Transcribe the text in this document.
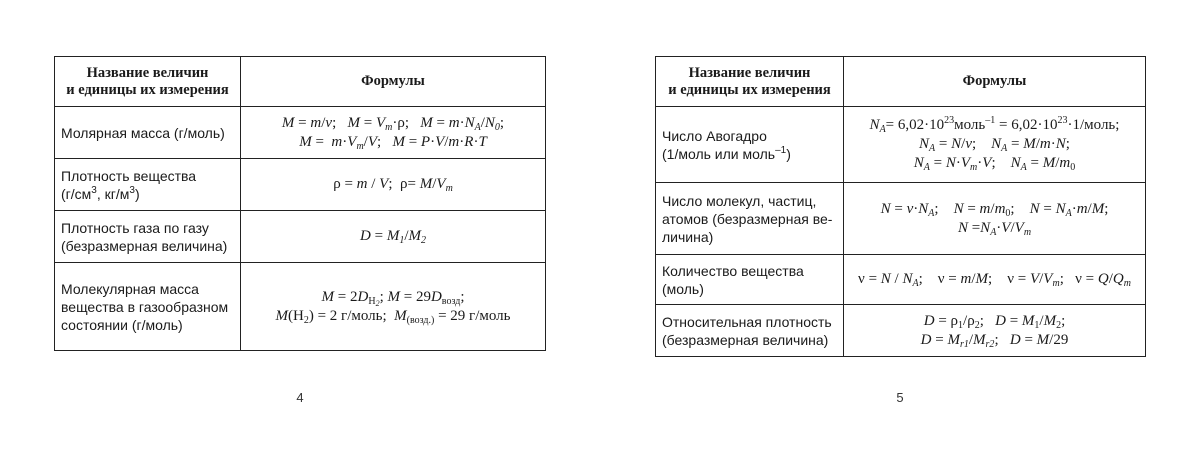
Название величин
и единицы их измерения	Формулы
Молярная масса (г/моль)	M = m/ν;   $M = V_m\cdot\rho$;   $M = m\cdot N_A/N_0$;
$M = m\cdot V_m/V$;   M = P·V/m·R·T

Плотность вещества
($г/см^3$, $кг/м^3$)	ρ = m / V;  $\rho= M/V_m$

Плотность газа по газу
(безразмерная величина)	$D = M_1/M_2$

Молекулярная масса
вещества в газообразном
состоянии (г/моль)	$M = 2D_{H_2}$; $M = 29D_{возд}$;
$M(H_2) = 2$ г/моль;  $M_{(возд.)} = 29$ г/моль
4
Название величин
и единицы их измерения	Формулы

Число Авогадро
(1/моль или моль$^{-1}$)	$N_A=$ $6,02\cdot 10^{23}моль^{-1}$ = $6,02\cdot 10^{23}\cdot 1$/моль;
$N_A = N/\nu$;    $N_A = M/m\cdot N$;
$N_A = N\cdot V_m\cdot V$;    $N_A = M/m_0$

Число молекул, частиц,
атомов (безразмерная ве-
личина)	$N = \nu\cdot N_A$;    $N = m/m_0$;    $N = N_A\cdot m/M$;
$N =N_A\cdot V/V_m$

Количество вещества
(моль)	$\nu = N / N_A$;    ν = m/M;    $\nu = V/V_m$;   $\nu = Q/Q_m$

Относительная плотность
(безразмерная величина)	$D = \rho_1/\rho_2$;   $D = M_1/M_2$;
$D = M_{r1}/M_{r2}$;   D = M/29
5
